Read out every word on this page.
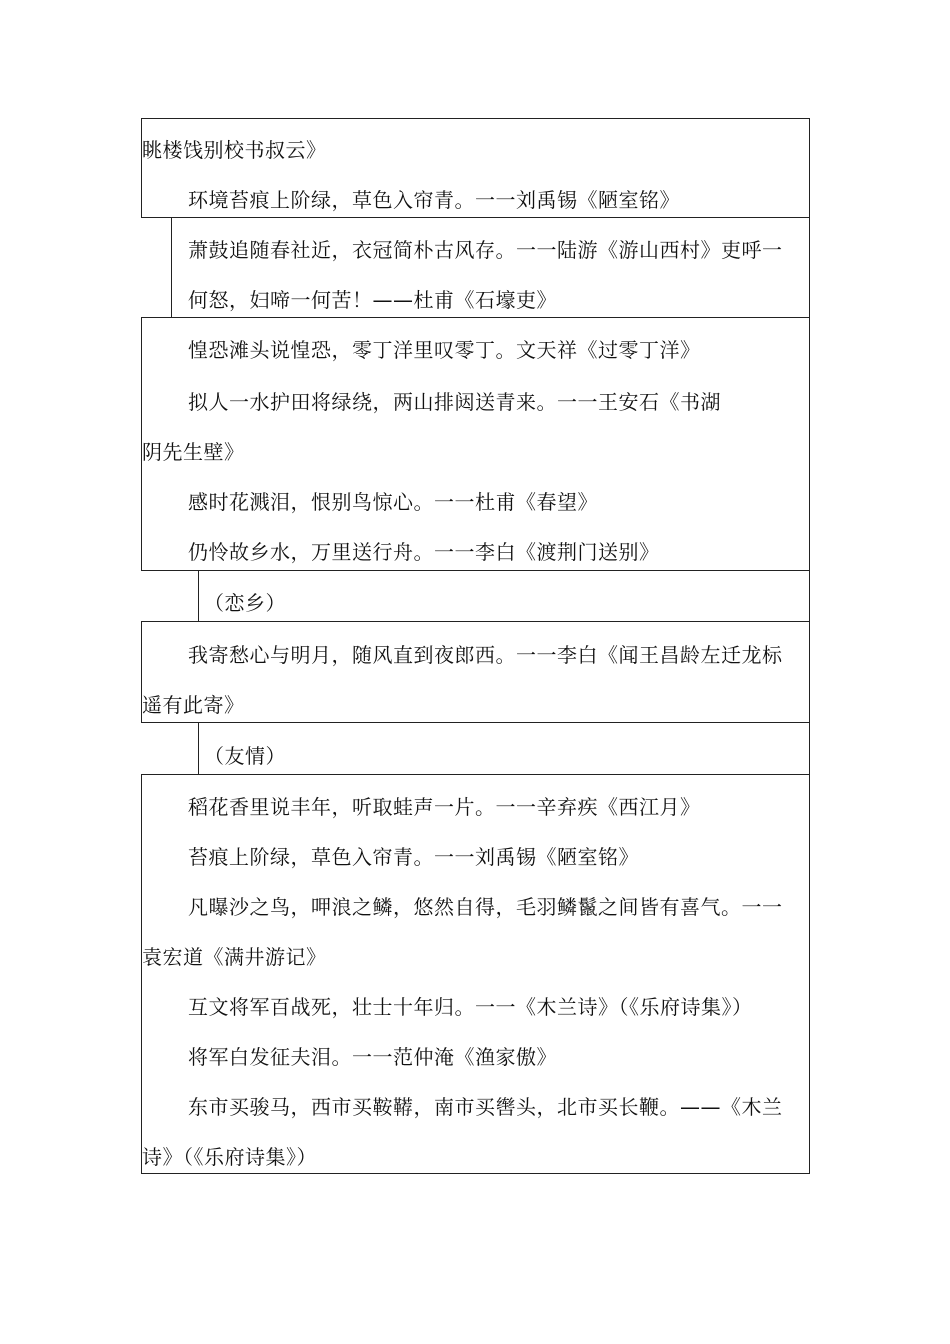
眺楼饯别校书叔云》
环境苔痕上阶绿，草色入帘青。一一刘禹锡《陋室铭》
萧鼓追随春社近，衣冠简朴古风存。一一陆游《游山西村》吏呼一
何怒，妇啼一何苦！——杜甫《石壕吏》
惶恐滩头说惶恐，零丁洋里叹零丁。文天祥《过零丁洋》
拟人一水护田将绿绕，两山排闼送青来。一一王安石《书湖
阴先生壁》
感时花溅泪，恨别鸟惊心。一一杜甫《春望》
仍怜故乡水，万里送行舟。一一李白《渡荆门送别》
（恋乡）
我寄愁心与明月，随风直到夜郎西。一一李白《闻王昌龄左迁龙标
遥有此寄》
（友情）
稻花香里说丰年，听取蛙声一片。一一辛弃疾《西江月》
苔痕上阶绿，草色入帘青。一一刘禹锡《陋室铭》
凡曝沙之鸟，呷浪之鳞，悠然自得，毛羽鳞鬣之间皆有喜气。一一
袁宏道《满井游记》
互文将军百战死，壮士十年归。一一《木兰诗》（《乐府诗集》）
将军白发征夫泪。一一范仲淹《渔家傲》
东市买骏马，西市买鞍鞯，南市买辔头，北市买长鞭。——《木兰
诗》（《乐府诗集》）
